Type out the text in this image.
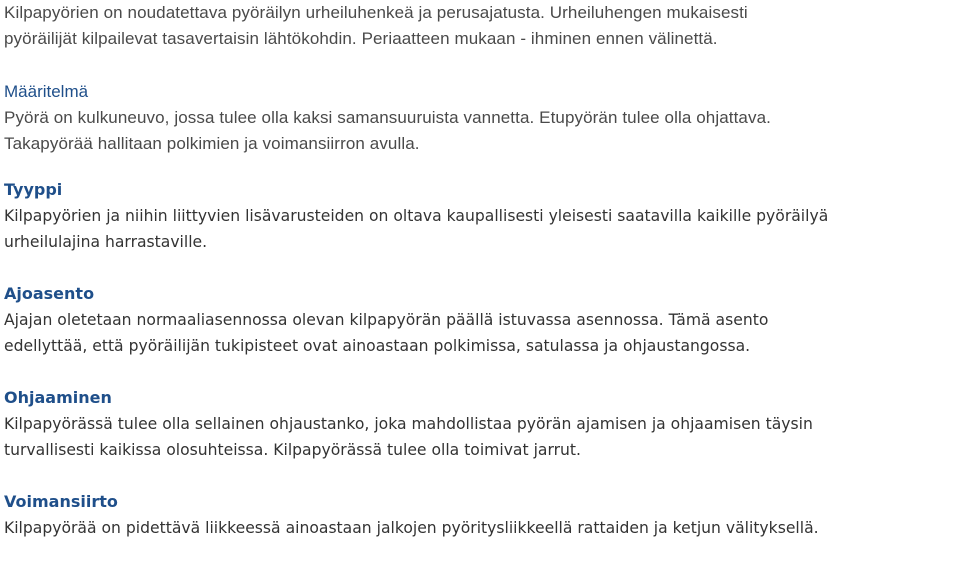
Kilpapyörien on noudatettava pyöräilyn urheiluhenkeä ja perusajatusta. Urheiluhengen mukaisesti

pyöräilijät kilpailevat tasavertaisin lähtökohdin. Periaatteen mukaan - ihminen ennen välinettä.

Määritelmä

Pyörä on kulkuneuvo, jossa tulee olla kaksi samansuuruista vannetta. Etupyörän tulee olla ohjattava.

Takapyörää hallitaan polkimien ja voimansiirron avulla.

Tyyppi

Kilpapyörien ja niihin liittyvien lisävarusteiden on oltava kaupallisesti yleisesti saatavilla kaikille pyöräilyä

urheilulajina harrastaville.

Ajoasento

Ajajan oletetaan normaaliasennossa olevan kilpapyörän päällä istuvassa asennossa. Tämä asento

edellyttää, että pyöräilijän tukipisteet ovat ainoastaan polkimissa, satulassa ja ohjaustangossa.

Ohjaaminen

Kilpapyörässä tulee olla sellainen ohjaustanko, joka mahdollistaa pyörän ajamisen ja ohjaamisen täysin

turvallisesti kaikissa olosuhteissa. Kilpapyörässä tulee olla toimivat jarrut.

Voimansiirto

Kilpapyörää on pidettävä liikkeessä ainoastaan jalkojen pyöritysliikkeellä rattaiden ja ketjun välityksellä.
